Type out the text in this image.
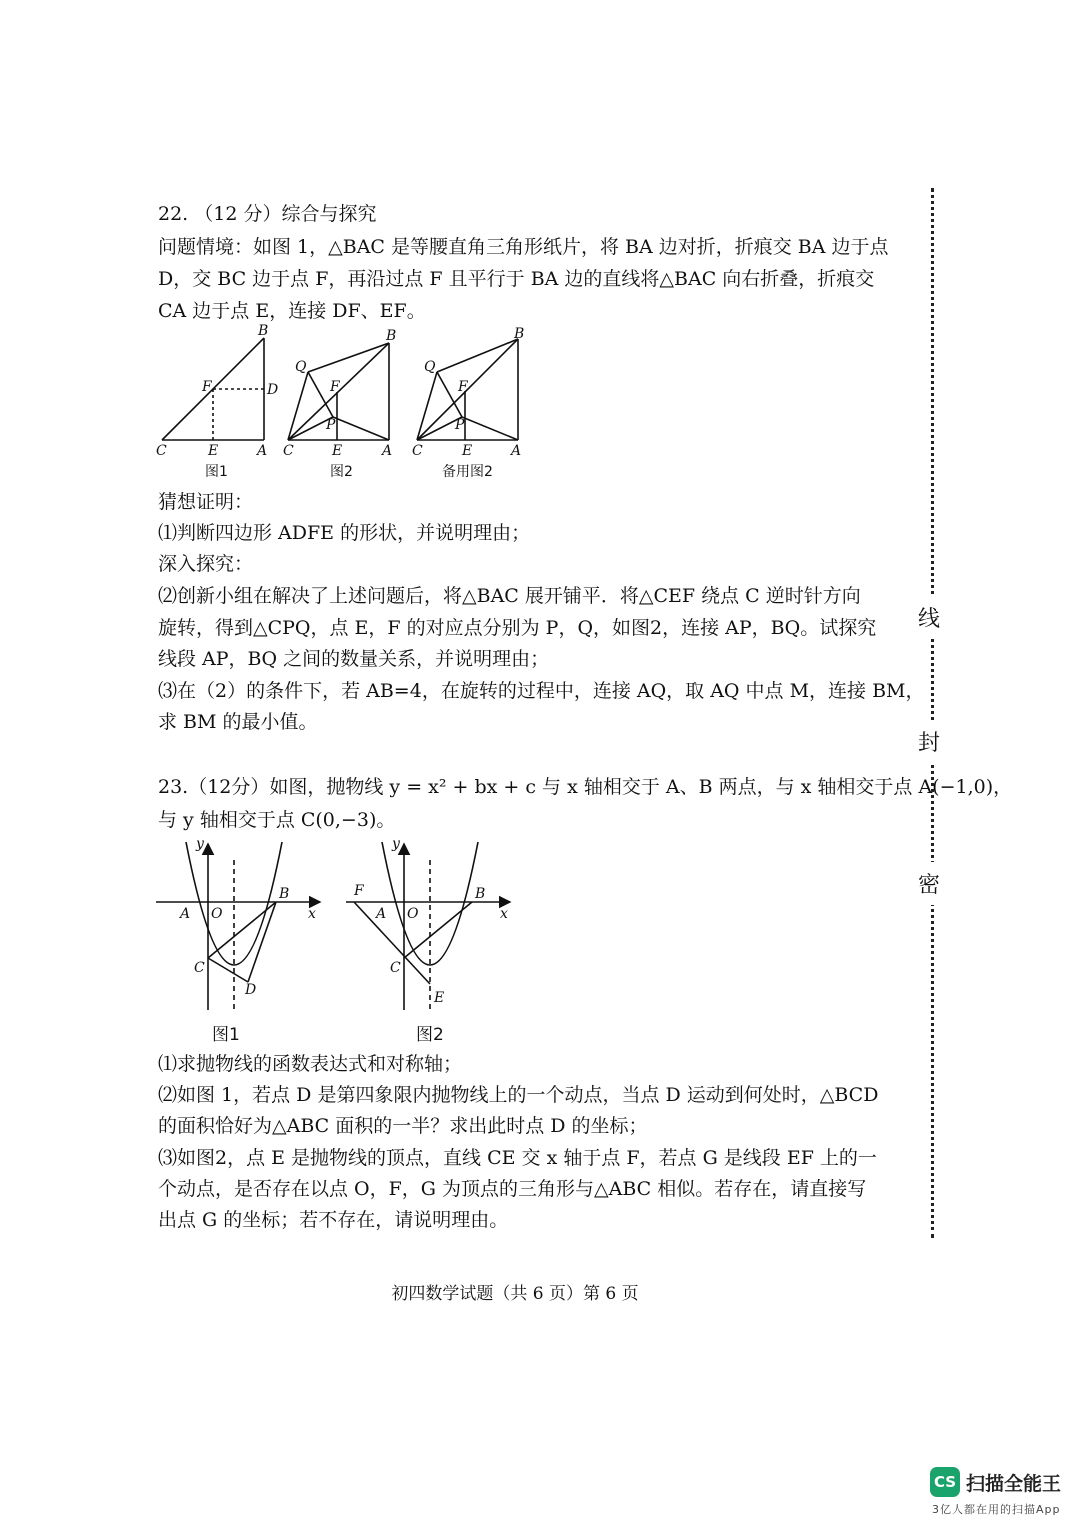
22. （12 分）综合与探究
问题情境：如图 1，△BAC 是等腰直角三角形纸片，将 BA 边对折，折痕交 BA 边于点
D，交 BC 边于点 F，再沿过点 F 且平行于 BA 边的直线将△BAC 向右折叠，折痕交
CA 边于点 E，连接 DF、EF。
B
D
F
C	E	A
B
Q
F
P
C	E	A
B
Q
F
P
C	E	A
图1	图2	备用图2
猜想证明：
⑴判断四边形 ADFE 的形状，并说明理由；
深入探究：
⑵创新小组在解决了上述问题后，将△BAC 展开铺平．将△CEF 绕点 C 逆时针方向
旋转，得到△CPQ，点 E，F 的对应点分别为 P，Q，如图2，连接 AP，BQ。试探究
线段 AP，BQ 之间的数量关系，并说明理由；
⑶在（2）的条件下，若 AB=4，在旋转的过程中，连接 AQ，取 AQ 中点 M，连接 BM，
求 BM 的最小值。
23.（12分）如图，抛物线 y = x² + bx + c 与 x 轴相交于 A、B 两点，与 x 轴相交于点 A(−1,0)，
与 y 轴相交于点 C(0,−3)。
y
x
A O
B
C
D
y
x
F
A O
B
C
E
图1	图2
⑴求抛物线的函数表达式和对称轴；
⑵如图 1，若点 D 是第四象限内抛物线上的一个动点，当点 D 运动到何处时，△BCD
的面积恰好为△ABC 面积的一半？求出此时点 D 的坐标；
⑶如图2，点 E 是抛物线的顶点，直线 CE 交 x 轴于点 F，若点 G 是线段 EF 上的一
个动点，是否存在以点 O，F，G 为顶点的三角形与△ABC 相似。若存在，请直接写
出点 G 的坐标；若不存在，请说明理由。
线
封
密
初四数学试题（共 6 页）第 6 页
CS 扫描全能王
3亿人都在用的扫描App
